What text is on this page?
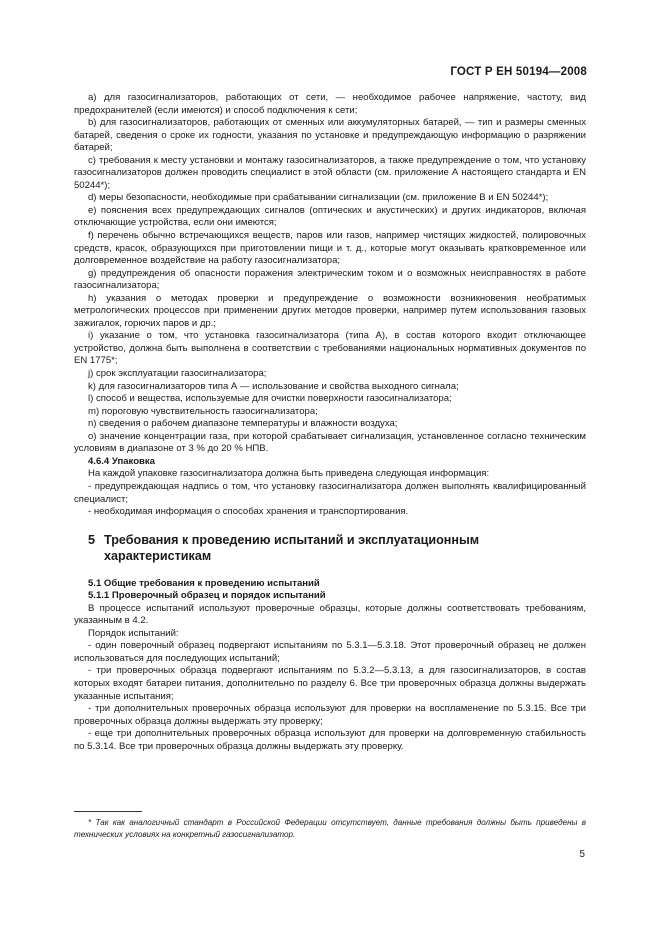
ГОСТ Р ЕН 50194—2008

а) для газосигнализаторов, работающих от сети, — необходимое рабочее напряжение, частоту, вид предохранителей (если имеются) и способ подключения к сети;

b) для газосигнализаторов, работающих от сменных или аккумуляторных батарей, — тип и размеры сменных батарей, сведения о сроке их годности, указания по установке и предупреждающую информацию о разряжении батарей;

c) требования к месту установки и монтажу газосигнализаторов, а также предупреждение о том, что установку газосигнализаторов должен проводить специалист в этой области (см. приложение А настоящего стандарта и EN 50244*);

d) меры безопасности, необходимые при срабатывании сигнализации (см. приложение В и EN 50244*);

e) пояснения всех предупреждающих сигналов (оптических и акустических) и других индикаторов, включая отключающие устройства, если они имеются;

f) перечень обычно встречающихся веществ, паров или газов, например чистящих жидкостей, полировочных средств, красок, образующихся при приготовлении пищи и т. д., которые могут оказывать кратковременное или долговременное воздействие на работу газосигнализатора;

g) предупреждения об опасности поражения электрическим током и о возможных неисправностях в работе газосигнализатора;

h) указания о методах проверки и предупреждение о возможности возникновения необратимых метрологических процессов при применении других методов проверки, например путем использования газовых зажигалок, горючих паров и др.;

i) указание о том, что установка газосигнализатора (типа А), в состав которого входит отключающее устройство, должна быть выполнена в соответствии с требованиями национальных нормативных документов по EN 1775*;

j) срок эксплуатации газосигнализатора;

k) для газосигнализаторов типа А — использование и свойства выходного сигнала;

l) способ и вещества, используемые для очистки поверхности газосигнализатора;

m) пороговую чувствительность газосигнализатора;

n) сведения о рабочем диапазоне температуры и влажности воздуха;

o) значение концентрации газа, при которой срабатывает сигнализация, установленное согласно техническим условиям в диапазоне от 3 % до 20 % НПВ.

4.6.4 Упаковка

На каждой упаковке газосигнализатора должна быть приведена следующая информация:

- предупреждающая надпись о том, что установку газосигнализатора должен выполнять квалифицированный специалист;

- необходимая информация о способах хранения и транспортирования.

5 Требования к проведению испытаний и эксплуатационным
характеристикам

5.1 Общие требования к проведению испытаний

5.1.1 Проверочный образец и порядок испытаний

В процессе испытаний используют проверочные образцы, которые должны соответствовать требованиям, указанным в 4.2.

Порядок испытаний:

- один поверочный образец подвергают испытаниям по 5.3.1—5.3.18. Этот проверочный образец не должен использоваться для последующих испытаний;

- три проверочных образца подвергают испытаниям по 5.3.2—5.3.13, а для газосигнализаторов, в состав которых входят батареи питания, дополнительно по разделу 6. Все три проверочных образца должны выдержать указанные испытания;

- три дополнительных проверочных образца используют для проверки на воспламенение по 5.3.15. Все три проверочных образца должны выдержать эту проверку;

- еще три дополнительных проверочных образца используют для проверки на долговременную стабильность по 5.3.14. Все три проверочных образца должны выдержать эту проверку.

* Так как аналогичный стандарт в Российской Федерации отсутствует, данные требования должны быть приведены в технических условиях на конкретный газосигнализатор.
5
